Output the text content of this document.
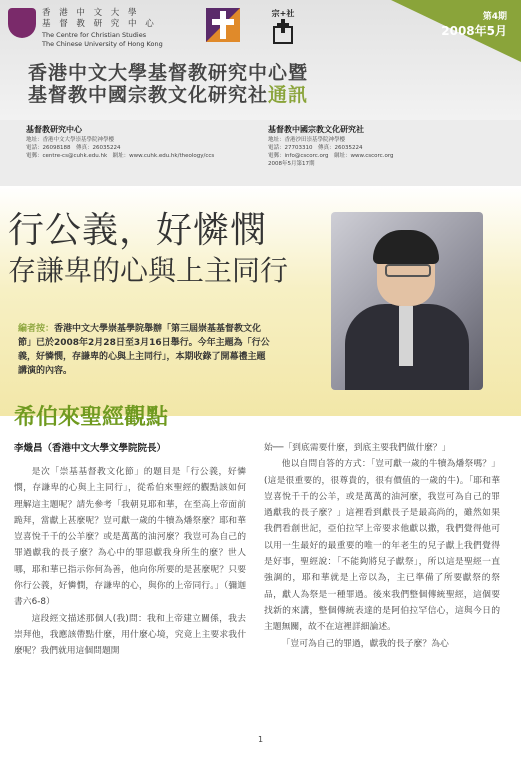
香 港 中 文 大 學
基 督 教 研 究 中 心
The Centre for Christian Studies
The Chinese University of Hong Kong
宗+社	第4期
2008年5月
香港中文大學基督教研究中心暨
基督教中國宗教文化研究社通訊
基督教研究中心
地址：香港中文大學崇基學院神學樓
電話：26098188　傳真：26035224
電郵：centre-cs@cuhk.edu.hk　網址：www.cuhk.edu.hk/theology/ccs
基督教中國宗教文化研究社
地址：香港沙田崇基學院神學樓
電話：27703310　傳真：26035224
電郵：info@cscorc.org　網址：www.cscorc.org
2008年5月第17期
行公義，好憐憫
存謙卑的心與上主同行
編者按：香港中文大學崇基學院舉辦「第三屆崇基基督教文化節」已於2008年2月28日至3月16日舉行。今年主題為「行公義，好憐憫，存謙卑的心與上主同行」，本期收錄了開幕禮主題講演的內容。
希伯來聖經觀點
李熾昌（香港中文大學文學院院長）

是次「崇基基督教文化節」的題目是「行公義，好憐憫，存謙卑的心與上主同行」，從希伯來聖經的觀點該如何理解這主題呢？請先參考「我朝見耶和華，在至高上帝面前跪拜，當獻上甚麼呢？豈可獻一歲的牛犢為燔祭麼？耶和華豈喜悅千千的公羊麼？或是萬萬的油河麼？我豈可為自己的罪過獻我的長子麼？為心中的罪惡獻我身所生的麼？世人哪，耶和華已指示你何為善，他向你所要的是甚麼呢？只要你行公義，好憐憫，存謙卑的心，與你的上帝同行。」（彌迦書六6-8）

這段經文描述那個人(我)問：我和上帝建立關係，我去崇拜他，我應該帶點什麼，用什麼心境，究竟上主要求我什麼呢？我們就用這個問題開

始──「到底需要什麼，到底主要我們做什麼？」

他以自問自答的方式：「豈可獻一歲的牛犢為燔祭嗎？」(這是很重要的，很尊貴的，很有價值的一歲的牛)。「耶和華豈喜悅千千的公羊，或是萬萬的油河麼，我豈可為自己的罪過獻我的長子麼？」這裡看到獻長子是最高尚的，雖然如果我們看創世記，亞伯拉罕上帝要求他獻以撒，我們覺得他可以用一生最好的最重要的唯一的年老生的兒子獻上我們覺得是好事，聖經說：「不能夠將兒子獻祭」，所以這是聖經一直強調的，耶和華就是上帝以為，主已準備了所要獻祭的祭品，獻人為祭是一種罪過。後來我們整個傳統聖經，這個要找新的來講，整個傳統表達的是阿伯拉罕信心，這與今日的主題無關，故不在這裡詳細論述。

「豈可為自己的罪過，獻我的長子麼？為心

1
